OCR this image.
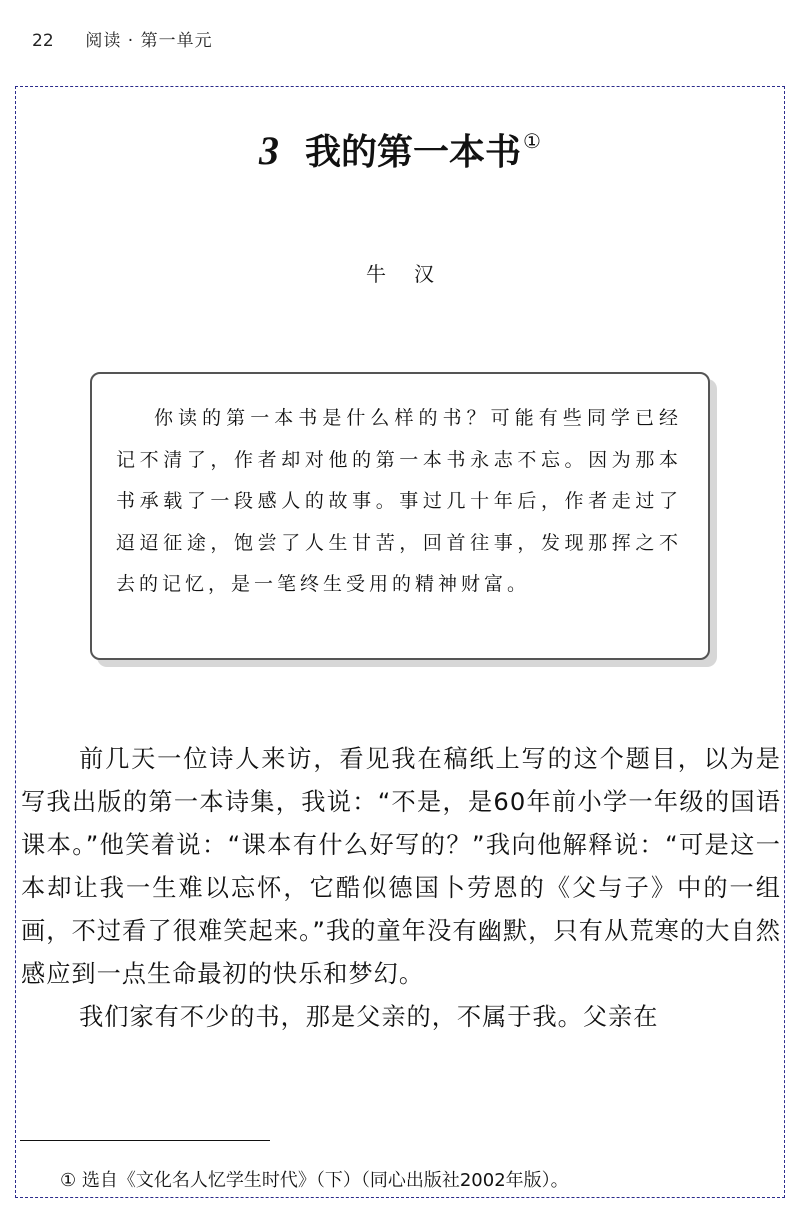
22 阅读 · 第一单元
3 我的第一本书 ①
牛汉

你读的第一本书是什么样的书？可能有些同学已经记不清了，作者却对他的第一本书永志不忘。因为那本书承载了一段感人的故事。事过几十年后，作者走过了迢迢征途，饱尝了人生甘苦，回首往事，发现那挥之不去的记忆，是一笔终生受用的精神财富。

前几天一位诗人来访，看见我在稿纸上写的这个题目，以为是写我出版的第一本诗集，我说：“不是，是60年前小学一年级的国语课本。”他笑着说：“课本有什么好写的？”我向他解释说：“可是这一本却让我一生难以忘怀，它酷似德国卜劳恩的《父与子》中的一组画，不过看了很难笑起来。”我的童年没有幽默，只有从荒寒的大自然感应到一点生命最初的快乐和梦幻。

我们家有不少的书，那是父亲的，不属于我。父亲在

① 选自《文化名人忆学生时代》（下）（同心出版社2002年版）。
